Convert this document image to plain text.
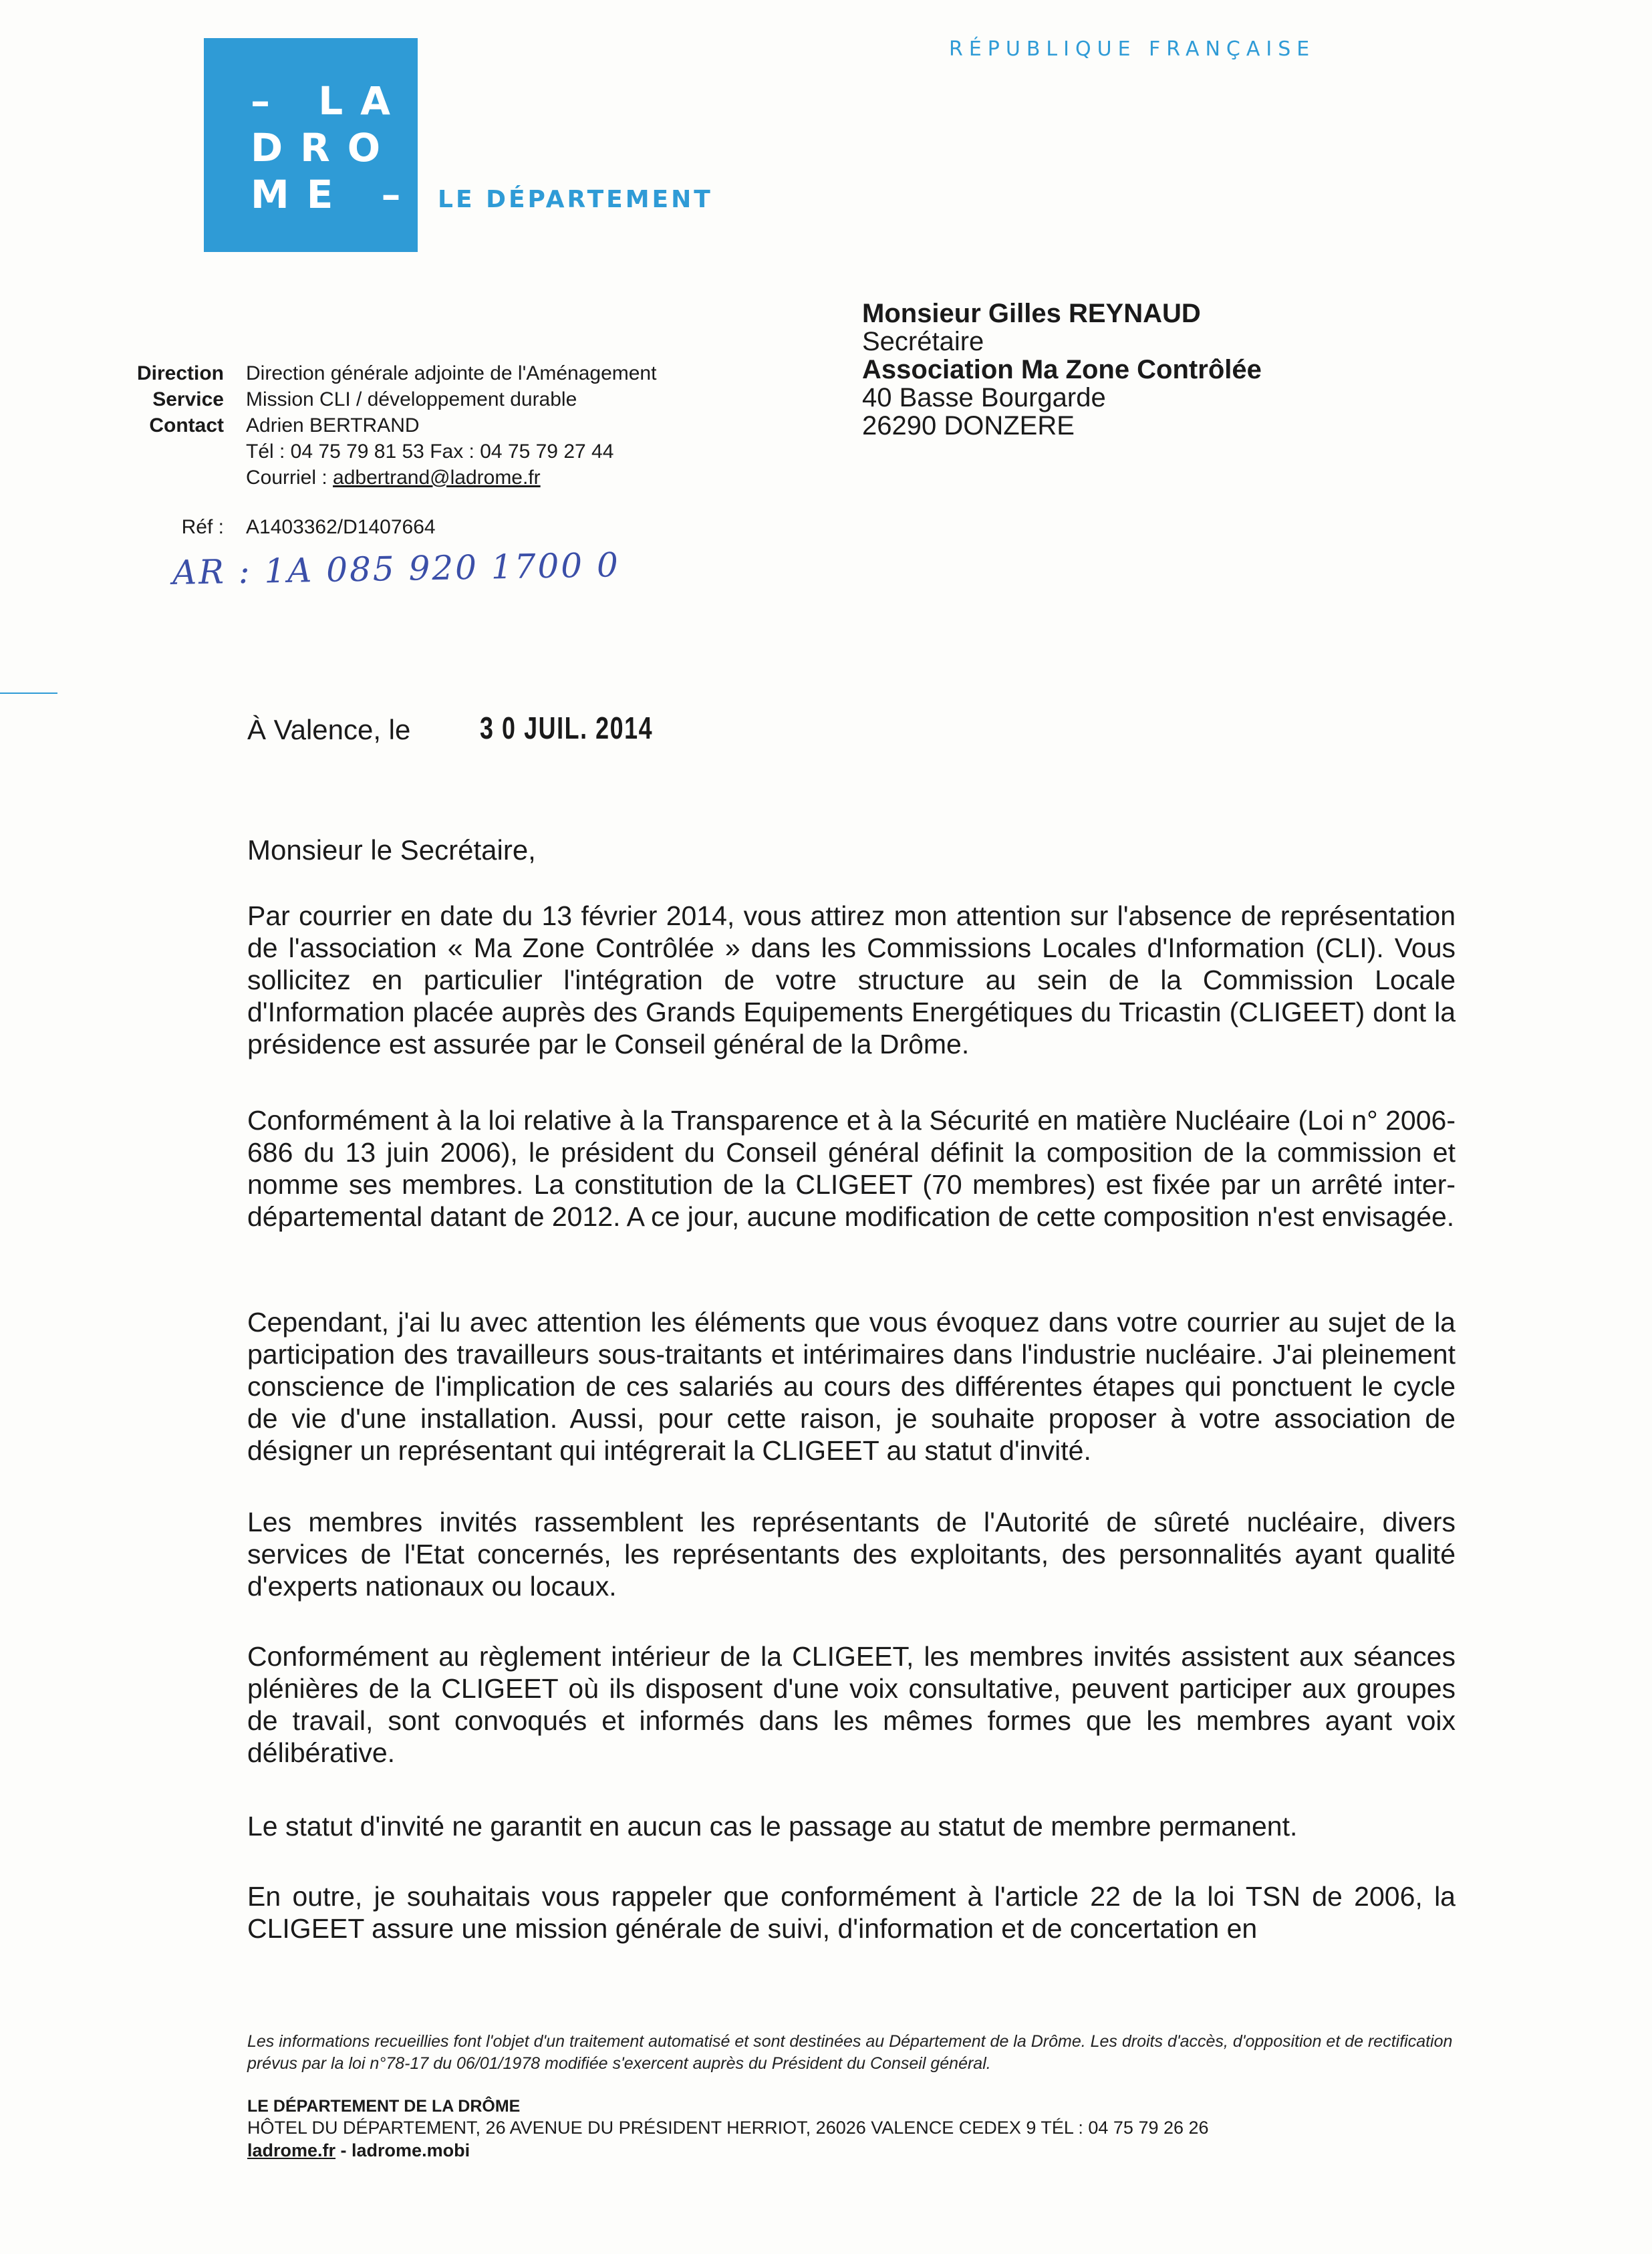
– LA
DRO
ME – LE DÉPARTEMENT
RÉPUBLIQUE FRANÇAISE
Monsieur Gilles REYNAUD
Secrétaire
Association Ma Zone Contrôlée
40 Basse Bourgarde
26290 DONZERE
Direction Direction générale adjointe de l'Aménagement
Service Mission CLI / développement durable
Contact Adrien BERTRAND
Tél : 04 75 79 81 53 Fax : 04 75 79 27 44
Courriel : adbertrand@ladrome.fr
Réf : A1403362/D1407664
AR : 1A 085 920 1700 0
À Valence, le 3 0 JUIL. 2014
Monsieur le Secrétaire,

Par courrier en date du 13 février 2014, vous attirez mon attention sur l'absence de représentation de l'association « Ma Zone Contrôlée » dans les Commissions Locales d'Information (CLI). Vous sollicitez en particulier l'intégration de votre structure au sein de la Commission Locale d'Information placée auprès des Grands Equipements Energétiques du Tricastin (CLIGEET) dont la présidence est assurée par le Conseil général de la Drôme.

Conformément à la loi relative à la Transparence et à la Sécurité en matière Nucléaire (Loi n° 2006-686 du 13 juin 2006), le président du Conseil général définit la composition de la commission et nomme ses membres. La constitution de la CLIGEET (70 membres) est fixée par un arrêté inter-départemental datant de 2012. A ce jour, aucune modification de cette composition n'est envisagée.

Cependant, j'ai lu avec attention les éléments que vous évoquez dans votre courrier au sujet de la participation des travailleurs sous-traitants et intérimaires dans l'industrie nucléaire. J'ai pleinement conscience de l'implication de ces salariés au cours des différentes étapes qui ponctuent le cycle de vie d'une installation. Aussi, pour cette raison, je souhaite proposer à votre association de désigner un représentant qui intégrerait la CLIGEET au statut d'invité.

Les membres invités rassemblent les représentants de l'Autorité de sûreté nucléaire, divers services de l'Etat concernés, les représentants des exploitants, des personnalités ayant qualité d'experts nationaux ou locaux.

Conformément au règlement intérieur de la CLIGEET, les membres invités assistent aux séances plénières de la CLIGEET où ils disposent d'une voix consultative, peuvent participer aux groupes de travail, sont convoqués et informés dans les mêmes formes que les membres ayant voix délibérative.

Le statut d'invité ne garantit en aucun cas le passage au statut de membre permanent.

En outre, je souhaitais vous rappeler que conformément à l'article 22 de la loi TSN de 2006, la CLIGEET assure une mission générale de suivi, d'information et de concertation en

Les informations recueillies font l'objet d'un traitement automatisé et sont destinées au Département de la Drôme. Les droits d'accès, d'opposition et de rectification prévus par la loi n°78-17 du 06/01/1978 modifiée s'exercent auprès du Président du Conseil général.
LE DÉPARTEMENT DE LA DRÔME
HÔTEL DU DÉPARTEMENT, 26 AVENUE DU PRÉSIDENT HERRIOT, 26026 VALENCE CEDEX 9 TÉL : 04 75 79 26 26
ladrome.fr - ladrome.mobi
